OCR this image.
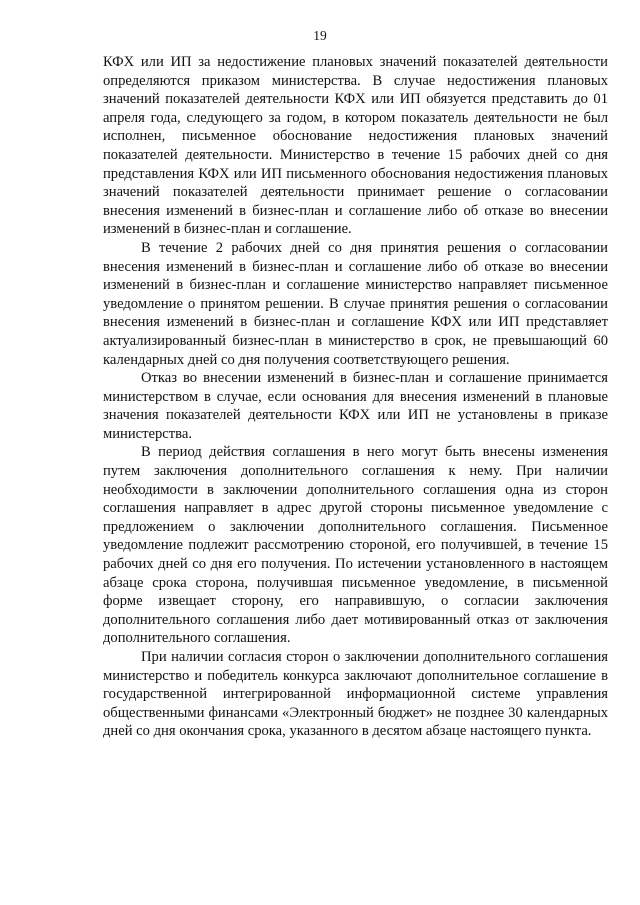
19

КФХ или ИП за недостижение плановых значений показателей деятельности определяются приказом министерства. В случае недостижения плановых значений показателей деятельности КФХ или ИП обязуется представить до 01 апреля года, следующего за годом, в котором показатель деятельности не был исполнен, письменное обоснование недостижения плановых значений показателей деятельности. Министерство в течение 15 рабочих дней со дня представления КФХ или ИП письменного обоснования недостижения плановых значений показателей деятельности принимает решение о согласовании внесения изменений в бизнес-план и соглашение либо об отказе во внесении изменений в бизнес-план и соглашение.

В течение 2 рабочих дней со дня принятия решения о согласовании внесения изменений в бизнес-план и соглашение либо об отказе во внесении изменений в бизнес-план и соглашение министерство направляет письменное уведомление о принятом решении. В случае принятия решения о согласовании внесения изменений в бизнес-план и соглашение КФХ или ИП представляет актуализированный бизнес-план в министерство в срок, не превышающий 60 календарных дней со дня получения соответствующего решения.

Отказ во внесении изменений в бизнес-план и соглашение принимается министерством в случае, если основания для внесения изменений в плановые значения показателей деятельности КФХ или ИП не установлены в приказе министерства.

В период действия соглашения в него могут быть внесены изменения путем заключения дополнительного соглашения к нему. При наличии необходимости в заключении дополнительного соглашения одна из сторон соглашения направляет в адрес другой стороны письменное уведомление с предложением о заключении дополнительного соглашения. Письменное уведомление подлежит рассмотрению стороной, его получившей, в течение 15 рабочих дней со дня его получения. По истечении установленного в настоящем абзаце срока сторона, получившая письменное уведомление, в письменной форме извещает сторону, его направившую, о согласии заключения дополнительного соглашения либо дает мотивированный отказ от заключения дополнительного соглашения.

При наличии согласия сторон о заключении дополнительного соглашения министерство и победитель конкурса заключают дополнительное соглашение в государственной интегрированной информационной системе управления общественными финансами «Электронный бюджет» не позднее 30 календарных дней со дня окончания срока, указанного в десятом абзаце настоящего пункта.
